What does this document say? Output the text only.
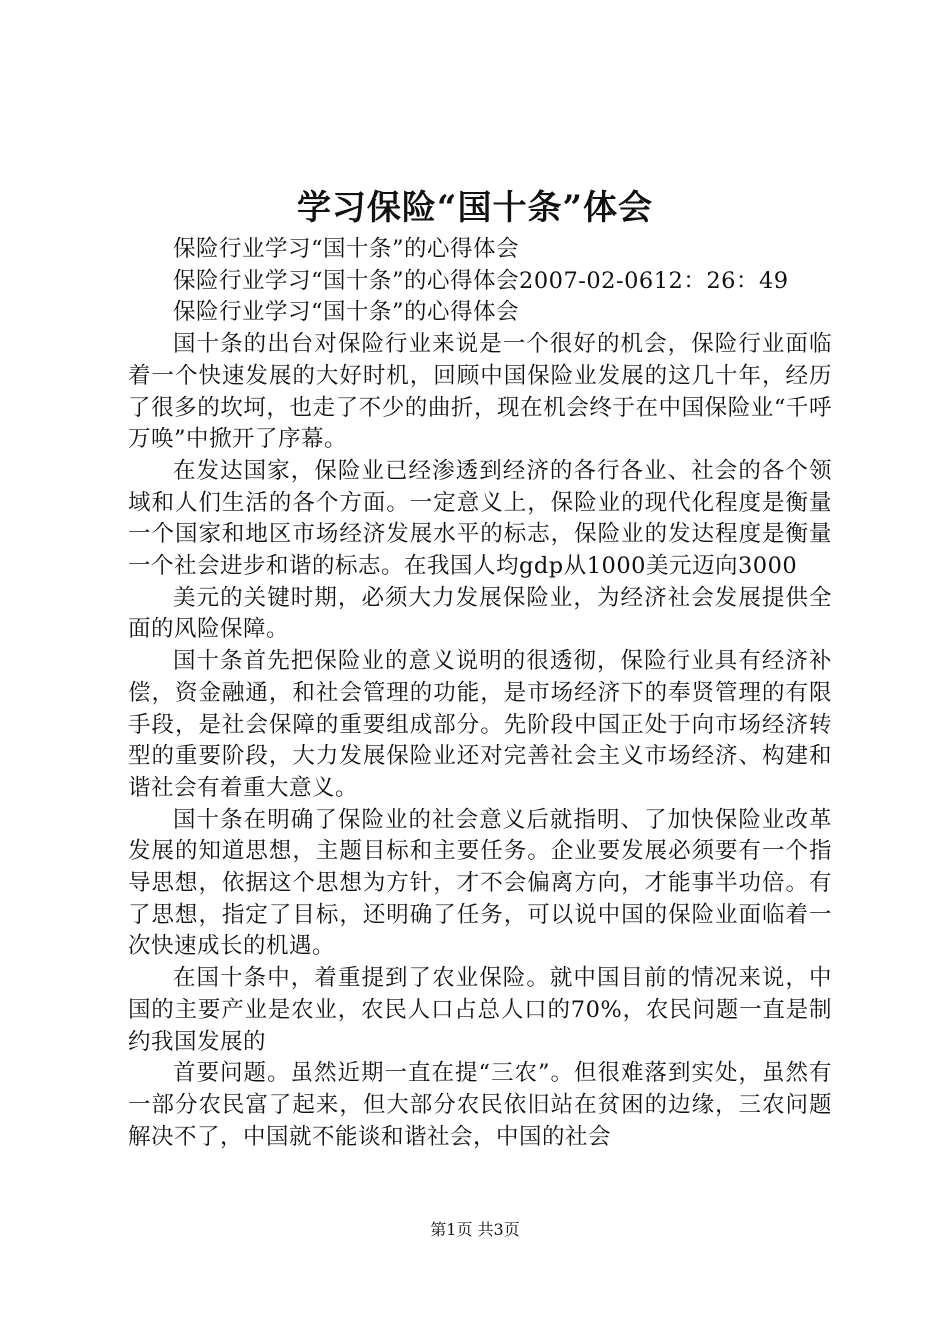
学习保险“国十条”体会

保险行业学习“国十条”的心得体会

保险行业学习“国十条”的心得体会2007-02-0612：26：49

保险行业学习“国十条”的心得体会

国十条的出台对保险行业来说是一个很好的机会，保险行业面临着一个快速发展的大好时机，回顾中国保险业发展的这几十年，经历了很多的坎坷，也走了不少的曲折，现在机会终于在中国保险业“千呼万唤”中掀开了序幕。

在发达国家，保险业已经渗透到经济的各行各业、社会的各个领域和人们生活的各个方面。一定意义上，保险业的现代化程度是衡量一个国家和地区市场经济发展水平的标志，保险业的发达程度是衡量一个社会进步和谐的标志。在我国人均gdp从1000美元迈向3000

美元的关键时期，必须大力发展保险业，为经济社会发展提供全面的风险保障。

国十条首先把保险业的意义说明的很透彻，保险行业具有经济补偿，资金融通，和社会管理的功能，是市场经济下的奉贤管理的有限手段，是社会保障的重要组成部分。先阶段中国正处于向市场经济转型的重要阶段，大力发展保险业还对完善社会主义市场经济、构建和谐社会有着重大意义。

国十条在明确了保险业的社会意义后就指明、了加快保险业改革发展的知道思想，主题目标和主要任务。企业要发展必须要有一个指导思想，依据这个思想为方针，才不会偏离方向，才能事半功倍。有了思想，指定了目标，还明确了任务，可以说中国的保险业面临着一次快速成长的机遇。

在国十条中，着重提到了农业保险。就中国目前的情况来说，中国的主要产业是农业，农民人口占总人口的70%，农民问题一直是制约我国发展的

首要问题。虽然近期一直在提“三农”。但很难落到实处，虽然有一部分农民富了起来，但大部分农民依旧站在贫困的边缘，三农问题解决不了，中国就不能谈和谐社会，中国的社会

第1页 共3页
